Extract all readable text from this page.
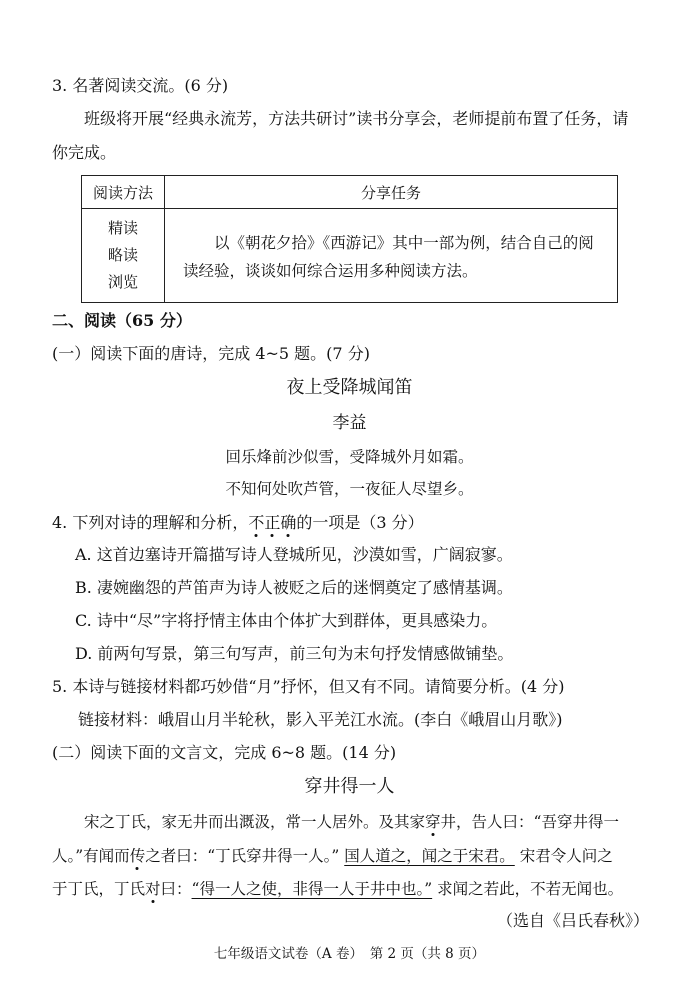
3. 名著阅读交流。(6 分)
班级将开展“经典永流芳，方法共研讨”读书分享会，老师提前布置了任务，请
你完成。
阅读方法	分享任务

精读
略读
浏览	以《朝花夕拾》《西游记》其中一部为例，结合自己的阅读经验，谈谈如何综合运用多种阅读方法。
二、阅读（65 分）
(一）阅读下面的唐诗，完成 4~5 题。(7 分)
夜上受降城闻笛
李益
回乐烽前沙似雪，受降城外月如霜。
不知何处吹芦管，一夜征人尽望乡。
4. 下列对诗的理解和分析，不正确的一项是（3 分）
A. 这首边塞诗开篇描写诗人登城所见，沙漠如雪，广阔寂寥。
B. 凄婉幽怨的芦笛声为诗人被贬之后的迷惘奠定了感情基调。
C. 诗中“尽”字将抒情主体由个体扩大到群体，更具感染力。
D. 前两句写景，第三句写声，前三句为末句抒发情感做铺垫。
5. 本诗与链接材料都巧妙借“月”抒怀，但又有不同。请简要分析。(4 分)
链接材料：峨眉山月半轮秋，影入平羌江水流。(李白《峨眉山月歌》)
(二）阅读下面的文言文，完成 6~8 题。(14 分)
穿井得一人
宋之丁氏，家无井而出溉汲，常一人居外。及其家穿井，告人曰：“吾穿井得一
人。”有闻而传之者曰：“丁氏穿井得一人。” 国人道之，闻之于宋君。 宋君令人问之
于丁氏，丁氏对曰：“得一人之使，非得一人于井中也。” 求闻之若此，不若无闻也。
（选自《吕氏春秋》）
七年级语文试卷（A 卷）　第 2 页（共 8 页）
